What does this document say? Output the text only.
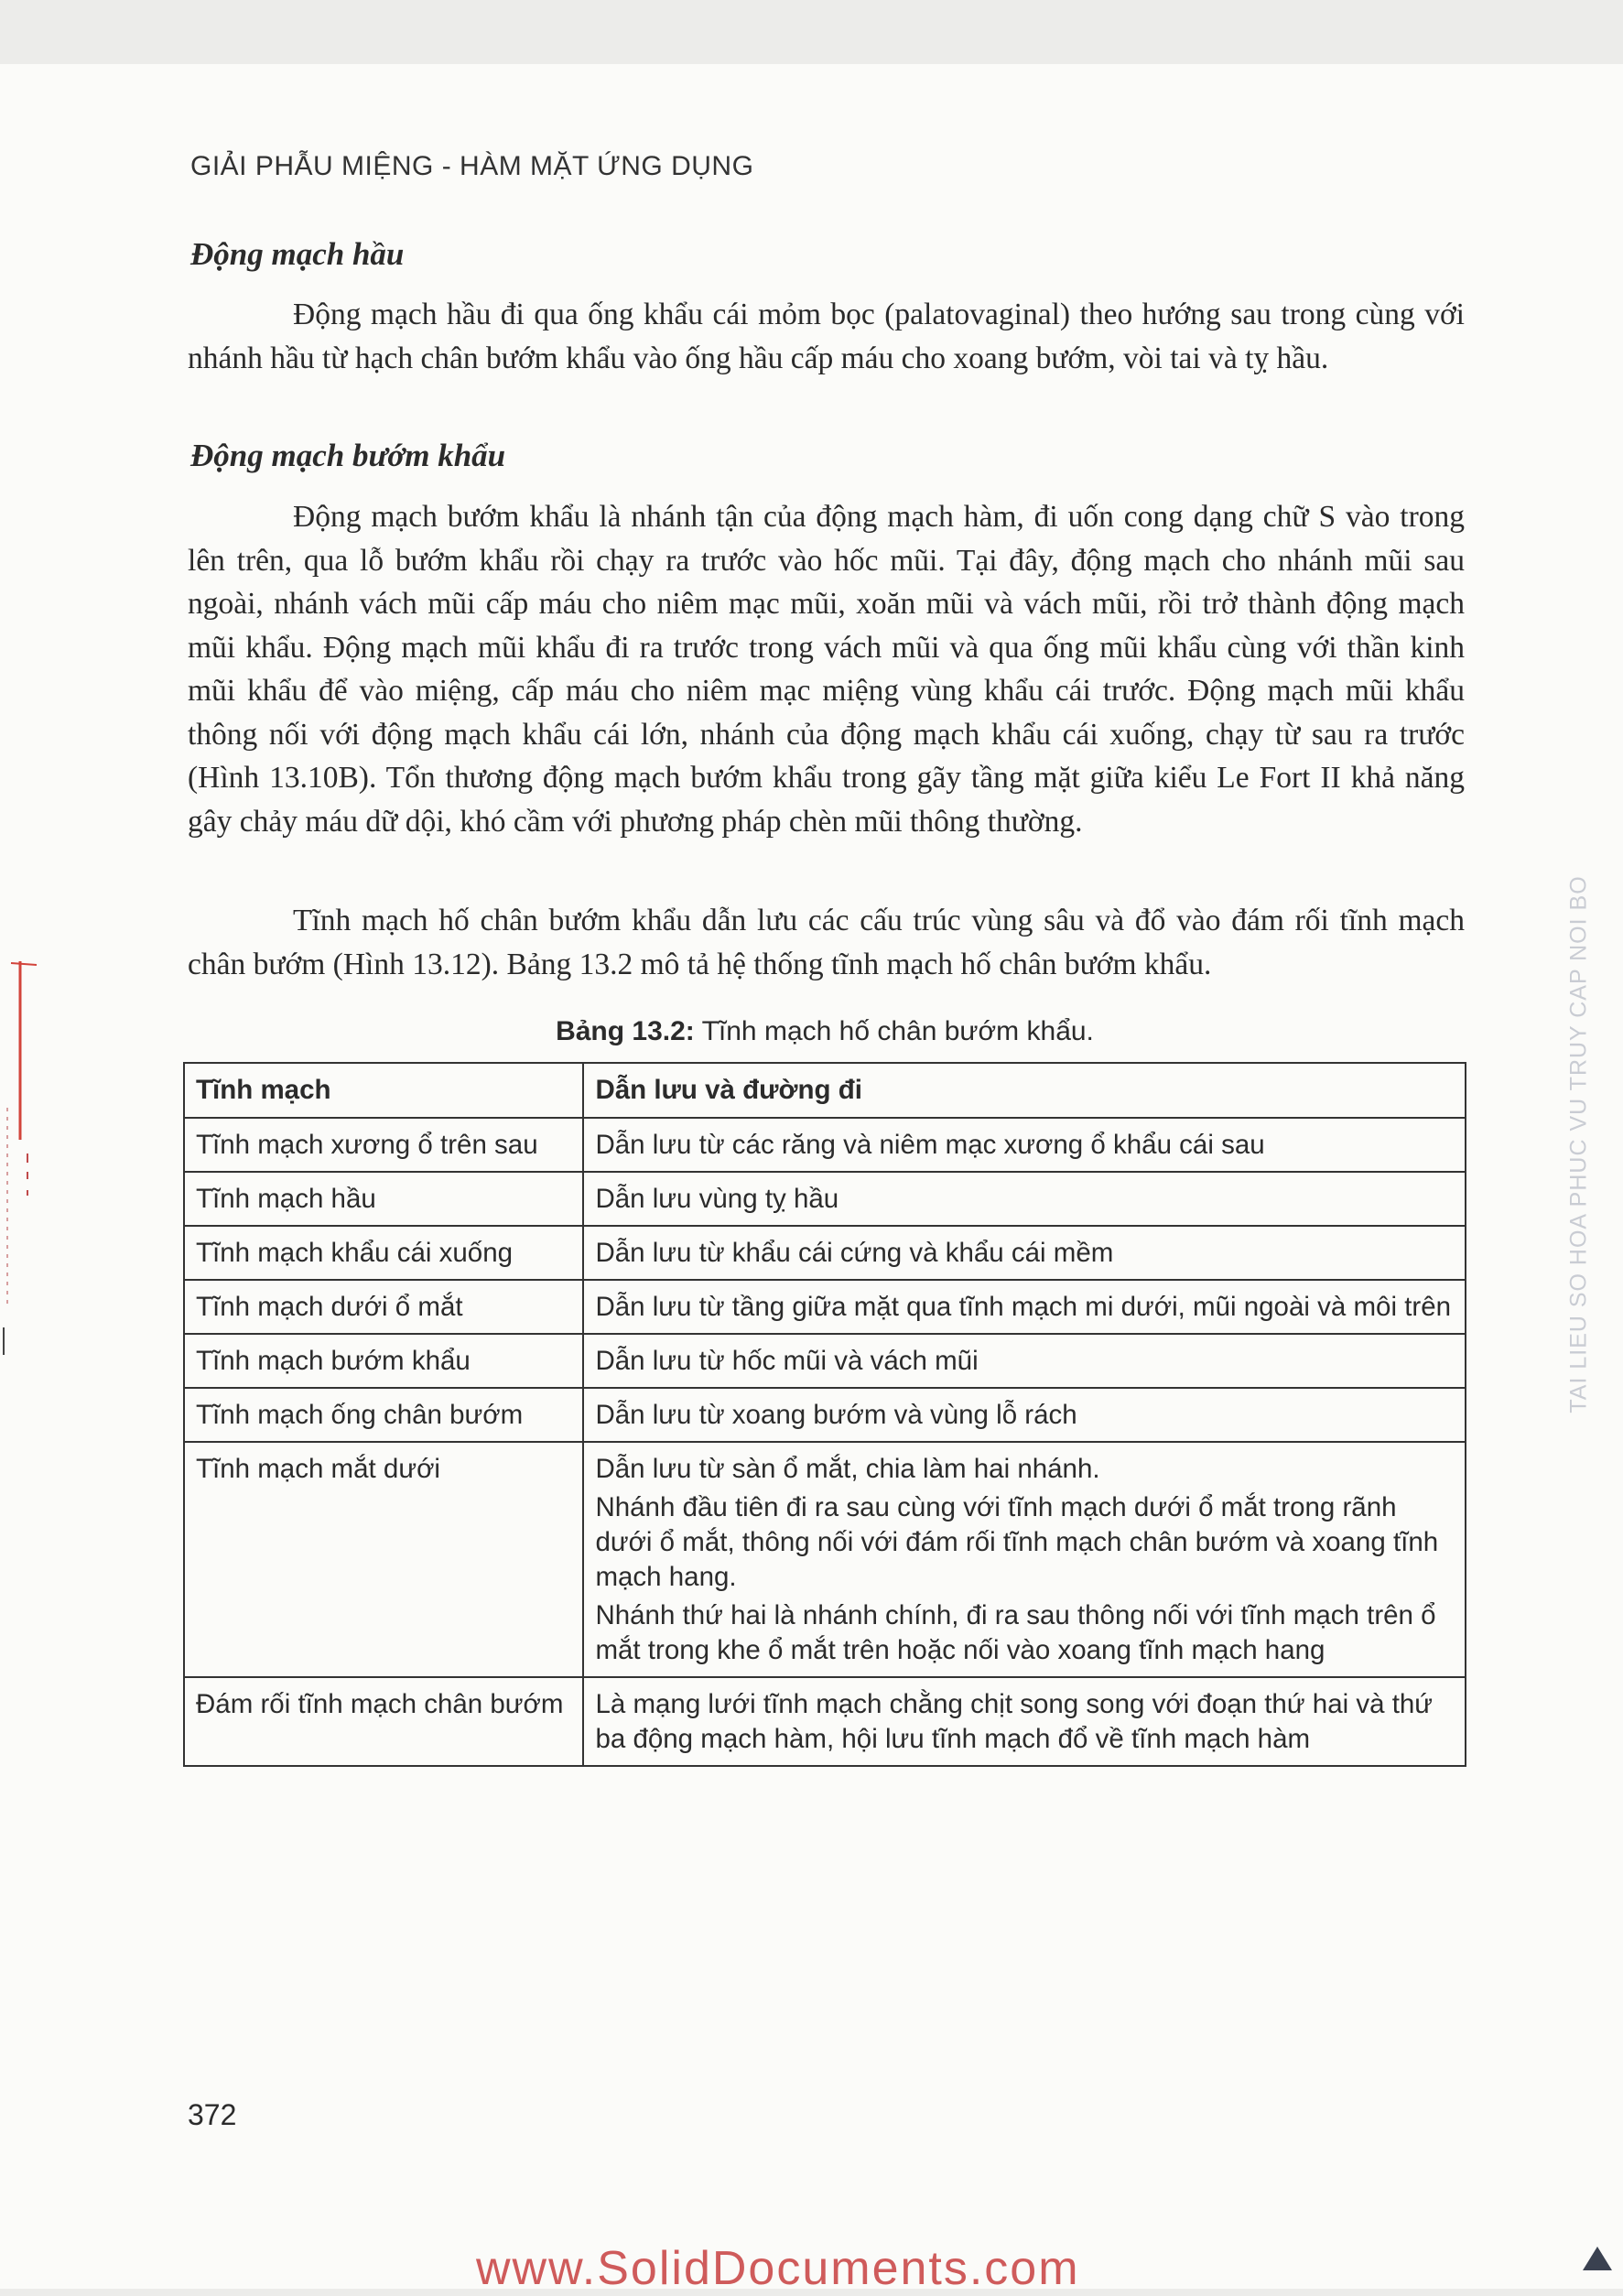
GIẢI PHẪU MIỆNG - HÀM MẶT ỨNG DỤNG
Động mạch hầu

Động mạch hầu đi qua ống khẩu cái mỏm bọc (palatovaginal) theo hướng sau trong cùng với nhánh hầu từ hạch chân bướm khẩu vào ống hầu cấp máu cho xoang bướm, vòi tai và tỵ hầu.

Động mạch bướm khẩu

Động mạch bướm khẩu là nhánh tận của động mạch hàm, đi uốn cong dạng chữ S vào trong lên trên, qua lỗ bướm khẩu rồi chạy ra trước vào hốc mũi. Tại đây, động mạch cho nhánh mũi sau ngoài, nhánh vách mũi cấp máu cho niêm mạc mũi, xoăn mũi và vách mũi, rồi trở thành động mạch mũi khẩu. Động mạch mũi khẩu đi ra trước trong vách mũi và qua ống mũi khẩu cùng với thần kinh mũi khẩu để vào miệng, cấp máu cho niêm mạc miệng vùng khẩu cái trước. Động mạch mũi khẩu thông nối với động mạch khẩu cái lớn, nhánh của động mạch khẩu cái xuống, chạy từ sau ra trước (Hình 13.10B). Tổn thương động mạch bướm khẩu trong gãy tầng mặt giữa kiểu Le Fort II khả năng gây chảy máu dữ dội, khó cầm với phương pháp chèn mũi thông thường.

Tĩnh mạch hố chân bướm khẩu dẫn lưu các cấu trúc vùng sâu và đổ vào đám rối tĩnh mạch chân bướm (Hình 13.12). Bảng 13.2 mô tả hệ thống tĩnh mạch hố chân bướm khẩu.

Bảng 13.2: Tĩnh mạch hố chân bướm khẩu.
Tĩnh mạch	Dẫn lưu và đường đi
Tĩnh mạch xương ổ trên sau	Dẫn lưu từ các răng và niêm mạc xương ổ khẩu cái sau

Tĩnh mạch hầu	Dẫn lưu vùng tỵ hầu

Tĩnh mạch khẩu cái xuống	Dẫn lưu từ khẩu cái cứng và khẩu cái mềm

Tĩnh mạch dưới ổ mắt	Dẫn lưu từ tầng giữa mặt qua tĩnh mạch mi dưới, mũi ngoài và môi trên

Tĩnh mạch bướm khẩu	Dẫn lưu từ hốc mũi và vách mũi

Tĩnh mạch ống chân bướm	Dẫn lưu từ xoang bướm và vùng lỗ rách

Tĩnh mạch mắt dưới	Dẫn lưu từ sàn ổ mắt, chia làm hai nhánh.
Nhánh đầu tiên đi ra sau cùng với tĩnh mạch dưới ổ mắt trong rãnh dưới ổ mắt, thông nối với đám rối tĩnh mạch chân bướm và xoang tĩnh mạch hang.
Nhánh thứ hai là nhánh chính, đi ra sau thông nối với tĩnh mạch trên ổ mắt trong khe ổ mắt trên hoặc nối vào xoang tĩnh mạch hang

Đám rối tĩnh mạch chân bướm	Là mạng lưới tĩnh mạch chằng chịt song song với đoạn thứ hai và thứ ba động mạch hàm, hội lưu tĩnh mạch đổ về tĩnh mạch hàm
372
TAI LIEU SO HOA PHUC VU TRUY CAP NOI BO
www.SolidDocuments.com
